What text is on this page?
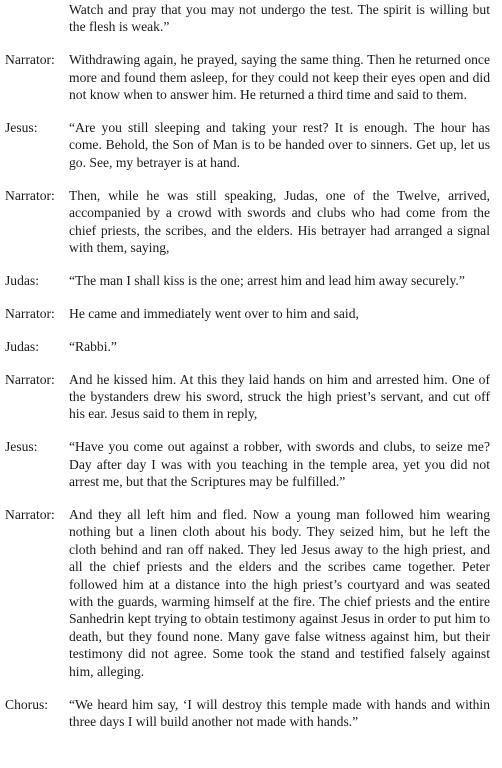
Watch and pray that you may not undergo the test. The spirit is willing but the flesh is weak.”
Narrator:	Withdrawing again, he prayed, saying the same thing. Then he returned once more and found them asleep, for they could not keep their eyes open and did not know when to answer him. He returned a third time and said to them.
Jesus:	“Are you still sleeping and taking your rest? It is enough. The hour has come. Behold, the Son of Man is to be handed over to sinners. Get up, let us go. See, my betrayer is at hand.
Narrator:	Then, while he was still speaking, Judas, one of the Twelve, arrived, accompanied by a crowd with swords and clubs who had come from the chief priests, the scribes, and the elders. His betrayer had arranged a signal with them, saying,
Judas:	“The man I shall kiss is the one; arrest him and lead him away securely.”
Narrator:	He came and immediately went over to him and said,
Judas:	“Rabbi.”
Narrator:	And he kissed him. At this they laid hands on him and arrested him. One of the bystanders drew his sword, struck the high priest’s servant, and cut off his ear. Jesus said to them in reply,
Jesus:	“Have you come out against a robber, with swords and clubs, to seize me? Day after day I was with you teaching in the temple area, yet you did not arrest me, but that the Scriptures may be fulfilled.”
Narrator:	And they all left him and fled. Now a young man followed him wearing nothing but a linen cloth about his body. They seized him, but he left the cloth behind and ran off naked. They led Jesus away to the high priest, and all the chief priests and the elders and the scribes came together. Peter followed him at a distance into the high priest’s courtyard and was seated with the guards, warming himself at the fire. The chief priests and the entire Sanhedrin kept trying to obtain testimony against Jesus in order to put him to death, but they found none. Many gave false witness against him, but their testimony did not agree. Some took the stand and testified falsely against him, alleging.
Chorus:	“We heard him say, ‘I will destroy this temple made with hands and within three days I will build another not made with hands.”
